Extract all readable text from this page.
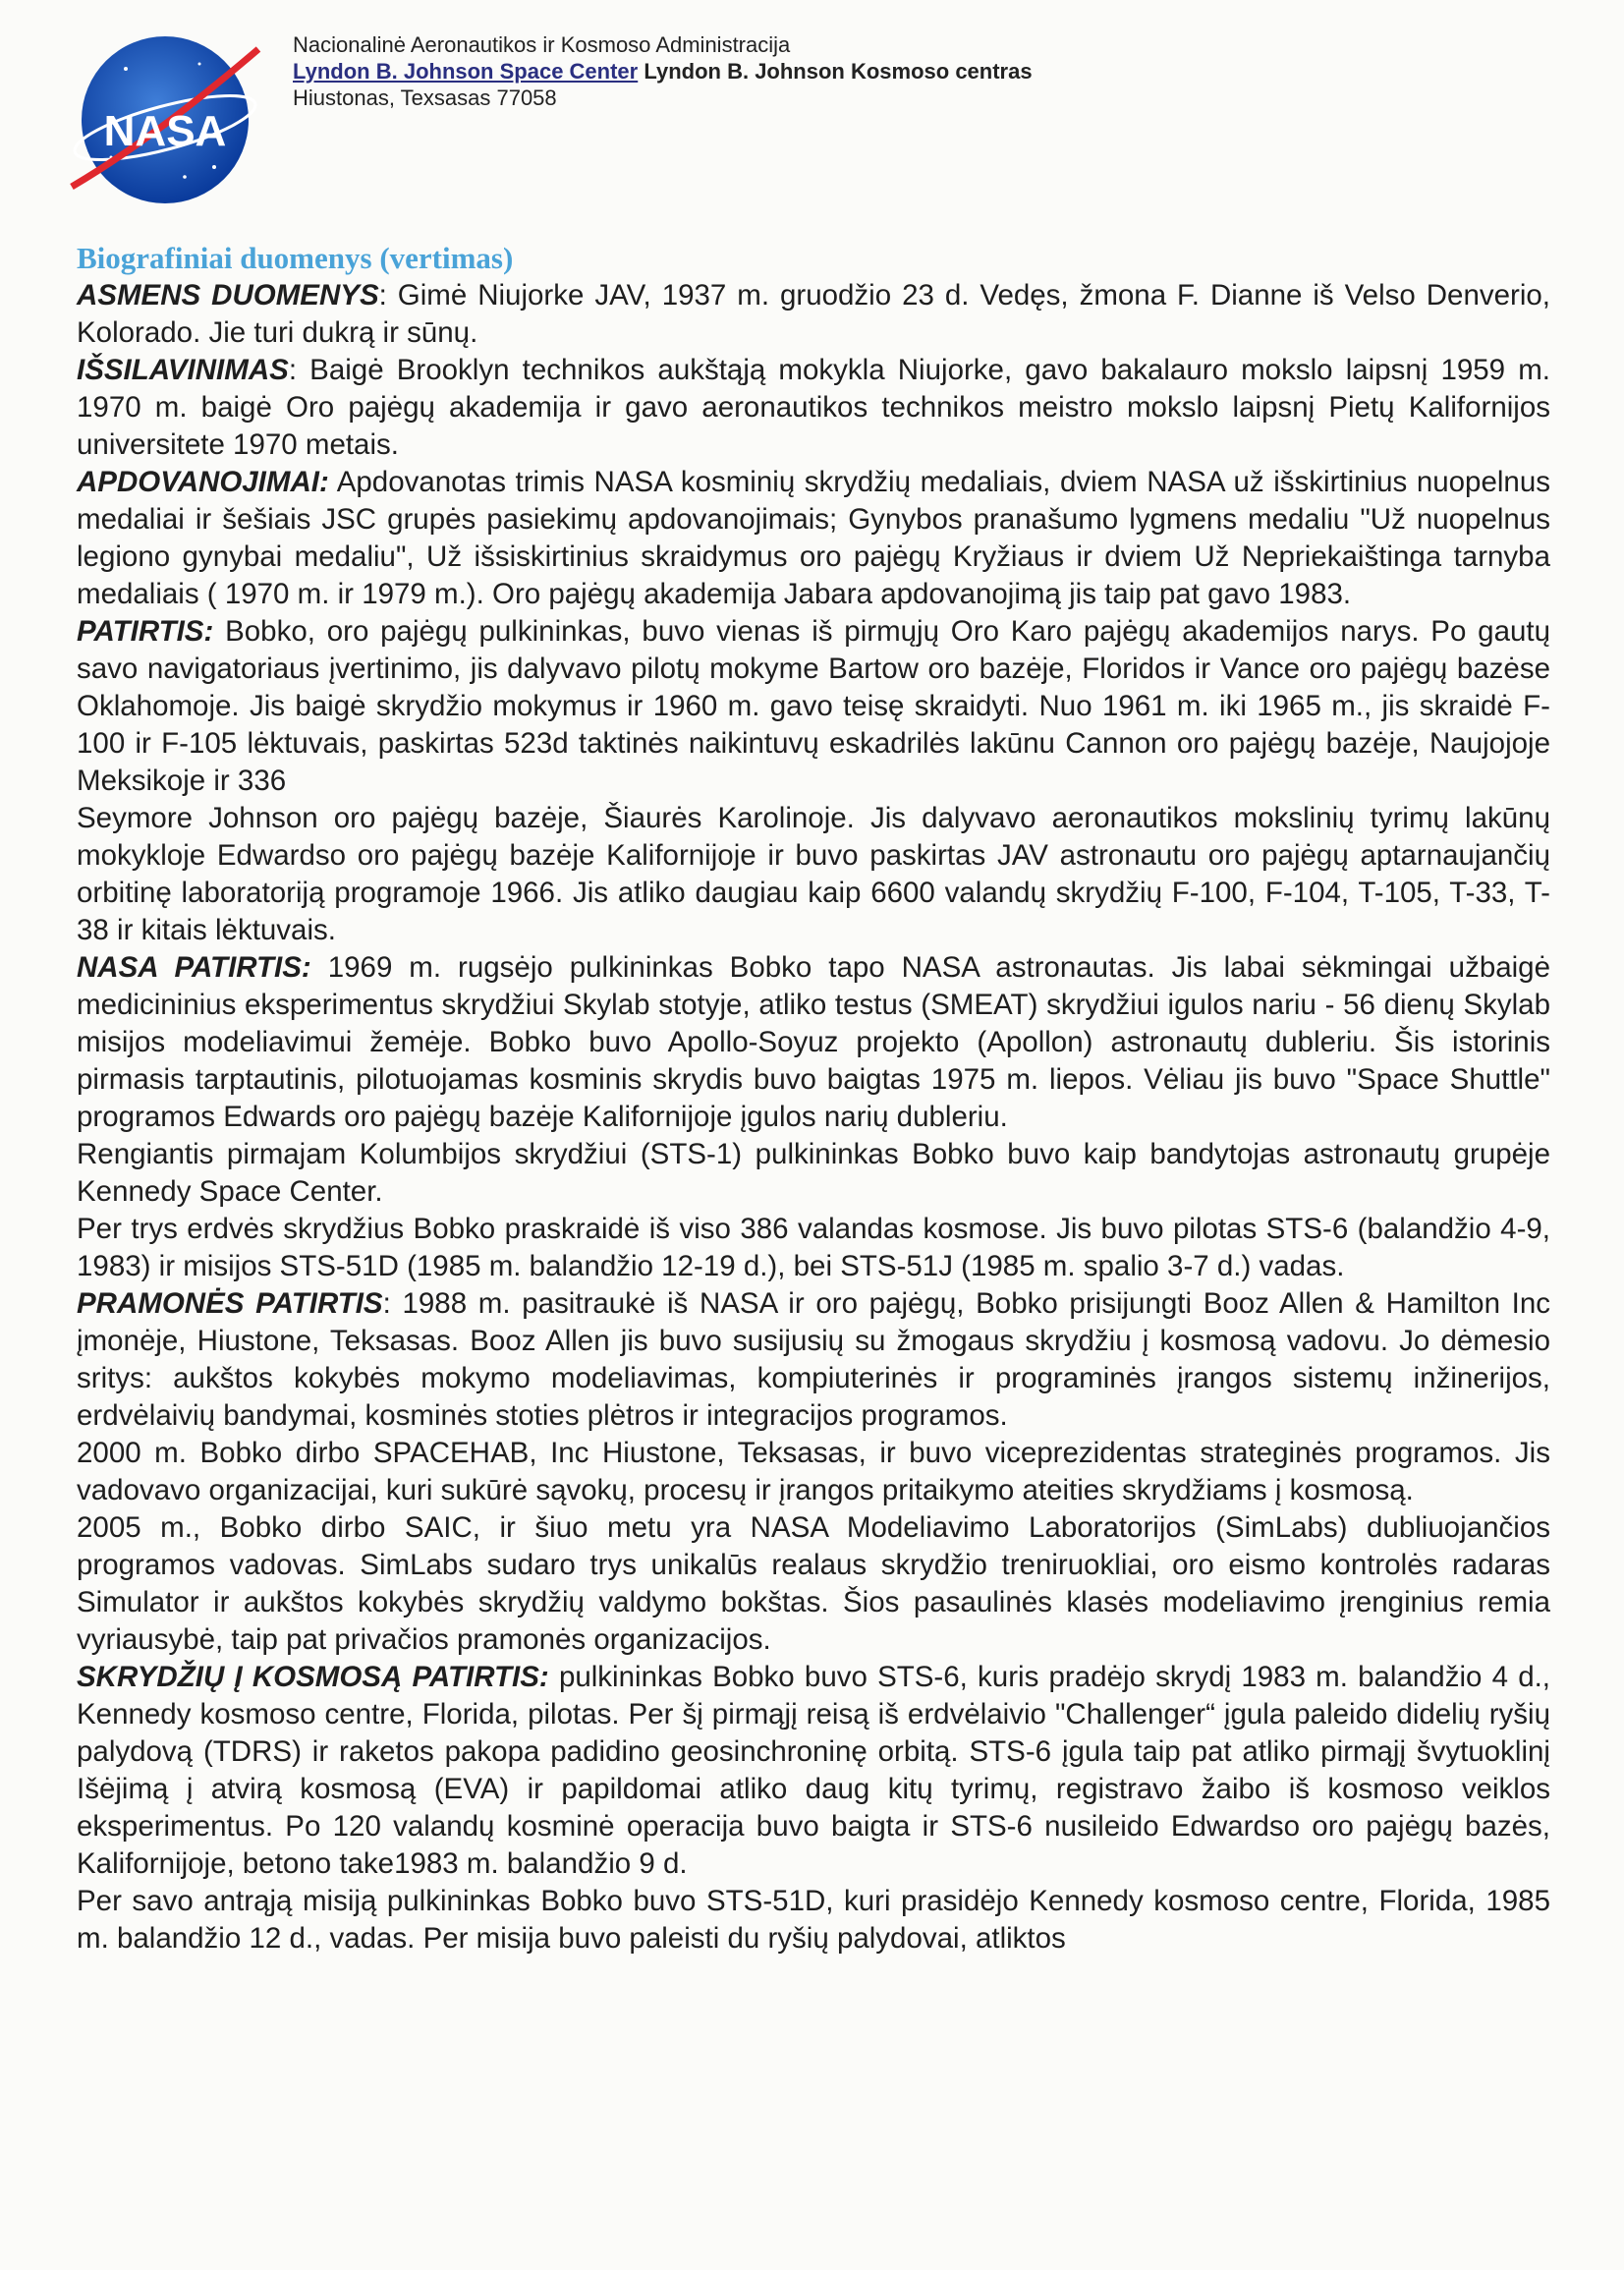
NASA
Nacionalinė Aeronautikos ir Kosmoso Administracija
Lyndon B. Johnson Space Center Lyndon B. Johnson Kosmoso centras
Hiustonas, Texsasas 77058
Biografiniai duomenys (vertimas)

ASMENS DUOMENYS: Gimė Niujorke JAV, 1937 m. gruodžio 23 d. Vedęs, žmona F. Dianne iš Velso Denverio, Kolorado. Jie turi dukrą ir sūnų.

IŠSILAVINIMAS: Baigė Brooklyn technikos aukštąją mokykla Niujorke, gavo bakalauro mokslo laipsnį 1959 m. 1970 m. baigė Oro pajėgų akademija ir gavo aeronautikos technikos meistro mokslo laipsnį Pietų Kalifornijos universitete 1970 metais.

APDOVANOJIMAI: Apdovanotas trimis NASA kosminių skrydžių medaliais, dviem NASA už išskirtinius nuopelnus medaliai ir šešiais JSC grupės pasiekimų apdovanojimais; Gynybos pranašumo lygmens medaliu "Už nuopelnus legiono gynybai medaliu", Už išsiskirtinius skraidymus oro pajėgų Kryžiaus ir dviem Už Nepriekaištinga tarnyba medaliais ( 1970 m. ir 1979 m.). Oro pajėgų akademija Jabara apdovanojimą jis taip pat gavo 1983.

PATIRTIS: Bobko, oro pajėgų pulkininkas, buvo vienas iš pirmųjų Oro Karo pajėgų akademijos narys. Po gautų savo navigatoriaus įvertinimo, jis dalyvavo pilotų mokyme Bartow oro bazėje, Floridos ir Vance oro pajėgų bazėse Oklahomoje. Jis baigė skrydžio mokymus ir 1960 m. gavo teisę skraidyti. Nuo 1961 m. iki 1965 m., jis skraidė F-100 ir F-105 lėktuvais, paskirtas 523d taktinės naikintuvų eskadrilės lakūnu Cannon oro pajėgų bazėje, Naujojoje Meksikoje ir 336

Seymore Johnson oro pajėgų bazėje, Šiaurės Karolinoje. Jis dalyvavo aeronautikos mokslinių tyrimų lakūnų mokykloje Edwardso oro pajėgų bazėje Kalifornijoje ir buvo paskirtas JAV astronautu oro pajėgų aptarnaujančių orbitinę laboratoriją programoje 1966. Jis atliko daugiau kaip 6600 valandų skrydžių F-100, F-104, T-105, T-33, T-38 ir kitais lėktuvais.

NASA PATIRTIS: 1969 m. rugsėjo pulkininkas Bobko tapo NASA astronautas. Jis labai sėkmingai užbaigė medicininius eksperimentus skrydžiui Skylab stotyje, atliko testus (SMEAT) skrydžiui igulos nariu - 56 dienų Skylab misijos modeliavimui žemėje. Bobko buvo Apollo-Soyuz projekto (Apollon) astronautų dubleriu. Šis istorinis pirmasis tarptautinis, pilotuojamas kosminis skrydis buvo baigtas 1975 m. liepos. Vėliau jis buvo "Space Shuttle" programos Edwards oro pajėgų bazėje Kalifornijoje įgulos narių dubleriu.

Rengiantis pirmajam Kolumbijos skrydžiui (STS-1) pulkininkas Bobko buvo kaip bandytojas astronautų grupėje Kennedy Space Center.

Per trys erdvės skrydžius Bobko praskraidė iš viso 386 valandas kosmose. Jis buvo pilotas STS-6 (balandžio 4-9, 1983) ir misijos STS-51D (1985 m. balandžio 12-19 d.), bei STS-51J (1985 m. spalio 3-7 d.) vadas.

PRAMONĖS PATIRTIS: 1988 m. pasitraukė iš NASA ir oro pajėgų, Bobko prisijungti Booz Allen & Hamilton Inc įmonėje, Hiustone, Teksasas. Booz Allen jis buvo susijusių su žmogaus skrydžiu į kosmosą vadovu. Jo dėmesio sritys: aukštos kokybės mokymo modeliavimas, kompiuterinės ir programinės įrangos sistemų inžinerijos, erdvėlaivių bandymai, kosminės stoties plėtros ir integracijos programos.

2000 m. Bobko dirbo SPACEHAB, Inc Hiustone, Teksasas, ir buvo viceprezidentas strateginės programos. Jis vadovavo organizacijai, kuri sukūrė sąvokų, procesų ir įrangos pritaikymo ateities skrydžiams į kosmosą.

2005 m., Bobko dirbo SAIC, ir šiuo metu yra NASA Modeliavimo Laboratorijos (SimLabs) dubliuojančios programos vadovas. SimLabs sudaro trys unikalūs realaus skrydžio treniruokliai, oro eismo kontrolės radaras Simulator ir aukštos kokybės skrydžių valdymo bokštas. Šios pasaulinės klasės modeliavimo įrenginius remia vyriausybė, taip pat privačios pramonės organizacijos.

SKRYDŽIŲ Į KOSMOSĄ PATIRTIS: pulkininkas Bobko buvo STS-6, kuris pradėjo skrydį 1983 m. balandžio 4 d., Kennedy kosmoso centre, Florida, pilotas. Per šį pirmąjį reisą iš erdvėlaivio "Challenger“ įgula paleido didelių ryšių palydovą (TDRS) ir raketos pakopa padidino geosinchroninę orbitą. STS-6 įgula taip pat atliko pirmąjį švytuoklinį Išėjimą į atvirą kosmosą (EVA) ir papildomai atliko daug kitų tyrimų, registravo žaibo iš kosmoso veiklos eksperimentus. Po 120 valandų kosminė operacija buvo baigta ir STS-6 nusileido Edwardso oro pajėgų bazės, Kalifornijoje, betono take1983 m. balandžio 9 d.

Per savo antrąją misiją pulkininkas Bobko buvo STS-51D, kuri prasidėjo Kennedy kosmoso centre, Florida, 1985 m. balandžio 12 d., vadas. Per misija buvo paleisti du ryšių palydovai, atliktos
